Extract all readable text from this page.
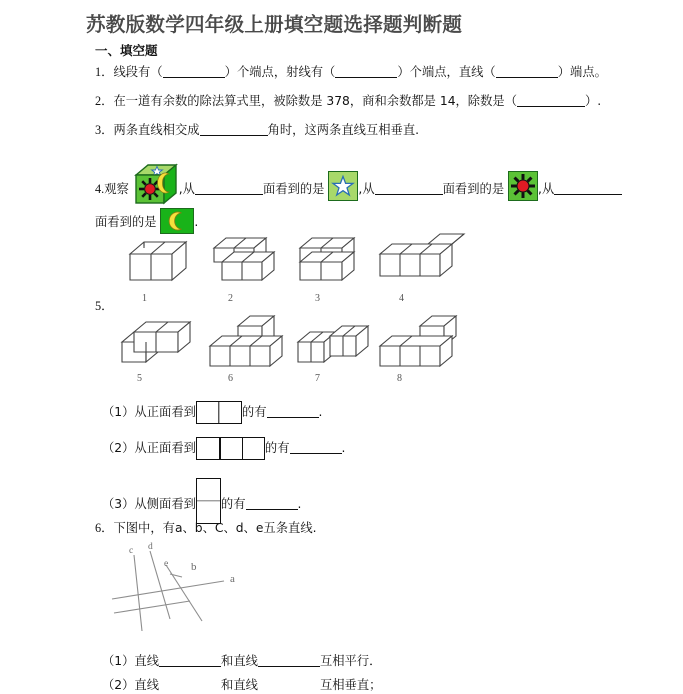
苏教版数学四年级上册填空题选择题判断题
一、填空题
1．线段有（	）个端点，射线有（	）个端点，直线（	）端点。
2．在一道有余数的除法算式里，被除数是 378，商和余数都是 14，除数是（	）.
3．两条直线相交成	角时，这两条直线互相垂直.
4.观察	,从	面看到的是	,从	面看到的是	,从
面看到的是	.
1	2	3	4
5．
5	6	7	8
（1）从正面看到	的有	.
（2）从正面看到	的有	.
（3）从侧面看到 的有	.
6．下图中，有a、b、C、d、e五条直线.
c d
e b
a
（1）直线	和直线	互相平行．
（2）直线	和直线	互相垂直；
